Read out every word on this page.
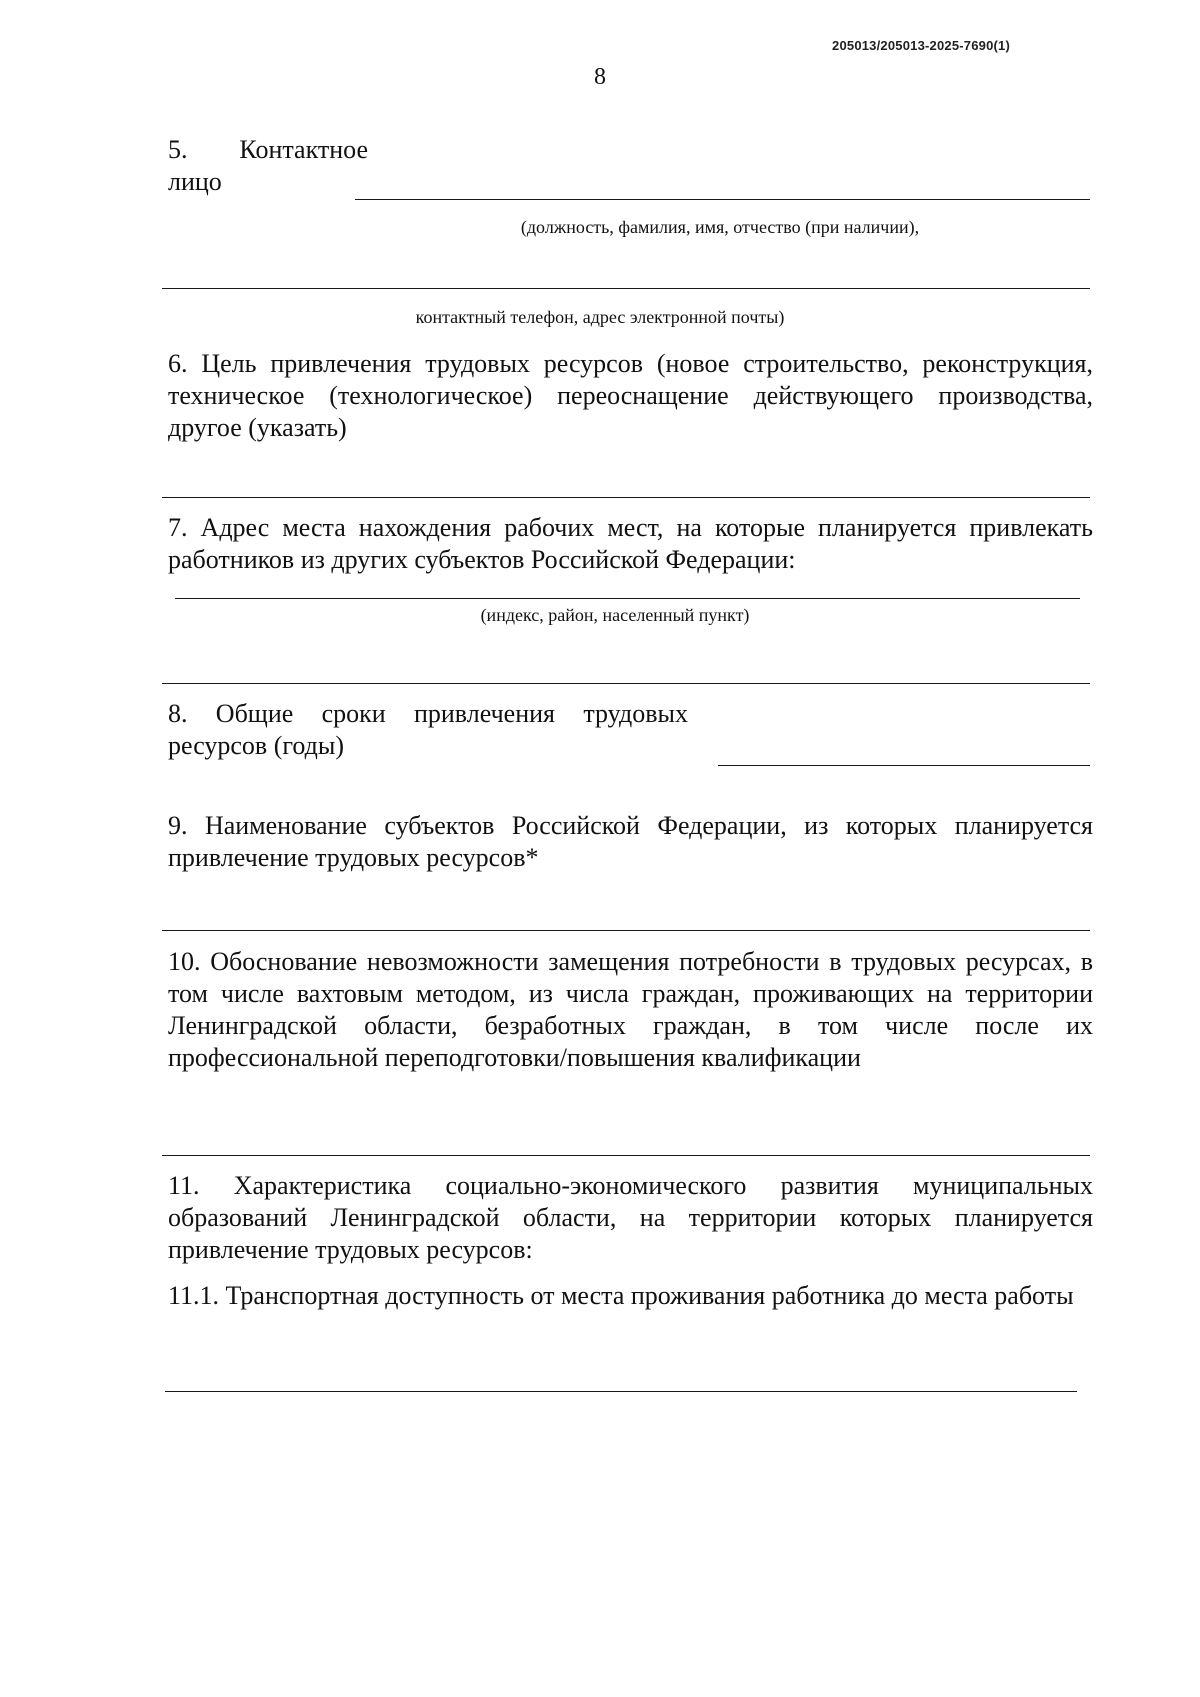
205013/205013-2025-7690(1)
8
5. Контактное лицо
(должность, фамилия, имя, отчество (при наличии),
контактный телефон, адрес электронной почты)
6. Цель привлечения трудовых ресурсов (новое строительство, реконструкция, техническое (технологическое) переоснащение действующего производства, другое (указать)
7. Адрес места нахождения рабочих мест, на которые планируется привлекать работников из других субъектов Российской Федерации:
(индекс, район, населенный пункт)
8. Общие сроки привлечения трудовых ресурсов (годы)
9. Наименование субъектов Российской Федерации, из которых планируется привлечение трудовых ресурсов*
10. Обоснование невозможности замещения потребности в трудовых ресурсах, в том числе вахтовым методом, из числа граждан, проживающих на территории Ленинградской области, безработных граждан, в том числе после их профессиональной переподготовки/повышения квалификации
11. Характеристика социально-экономического развития муниципальных образований Ленинградской области, на территории которых планируется привлечение трудовых ресурсов:
11.1. Транспортная доступность от места проживания работника до места работы
